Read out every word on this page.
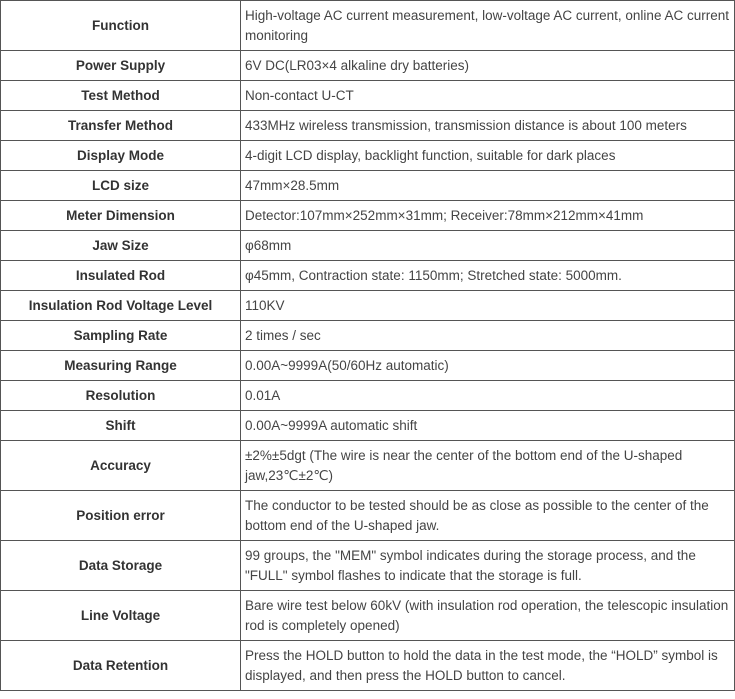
Function	High-voltage AC current measurement, low-voltage AC current, online AC current monitoring
Power Supply	6V DC(LR03×4 alkaline dry batteries)
Test Method	Non-contact U-CT
Transfer Method	433MHz wireless transmission, transmission distance is about 100 meters
Display Mode	4-digit LCD display, backlight function, suitable for dark places
LCD size	47mm×28.5mm
Meter Dimension	Detector:107mm×252mm×31mm; Receiver:78mm×212mm×41mm
Jaw Size	φ68mm
Insulated Rod	φ45mm, Contraction state: 1150mm; Stretched state: 5000mm.
Insulation Rod Voltage Level	110KV
Sampling Rate	2 times / sec
Measuring Range	0.00A~9999A(50/60Hz automatic)
Resolution	0.01A
Shift	0.00A~9999A automatic shift
Accuracy	±2%±5dgt (The wire is near the center of the bottom end of the U-shaped jaw,23℃±2℃)
Position error	The conductor to be tested should be as close as possible to the center of the bottom end of the U-shaped jaw.
Data Storage	99 groups, the "MEM" symbol indicates during the storage process, and the "FULL" symbol flashes to indicate that the storage is full.
Line Voltage	Bare wire test below 60kV (with insulation rod operation, the telescopic insulation rod is completely opened)
Data Retention	Press the HOLD button to hold the data in the test mode, the “HOLD” symbol is displayed, and then press the HOLD button to cancel.
